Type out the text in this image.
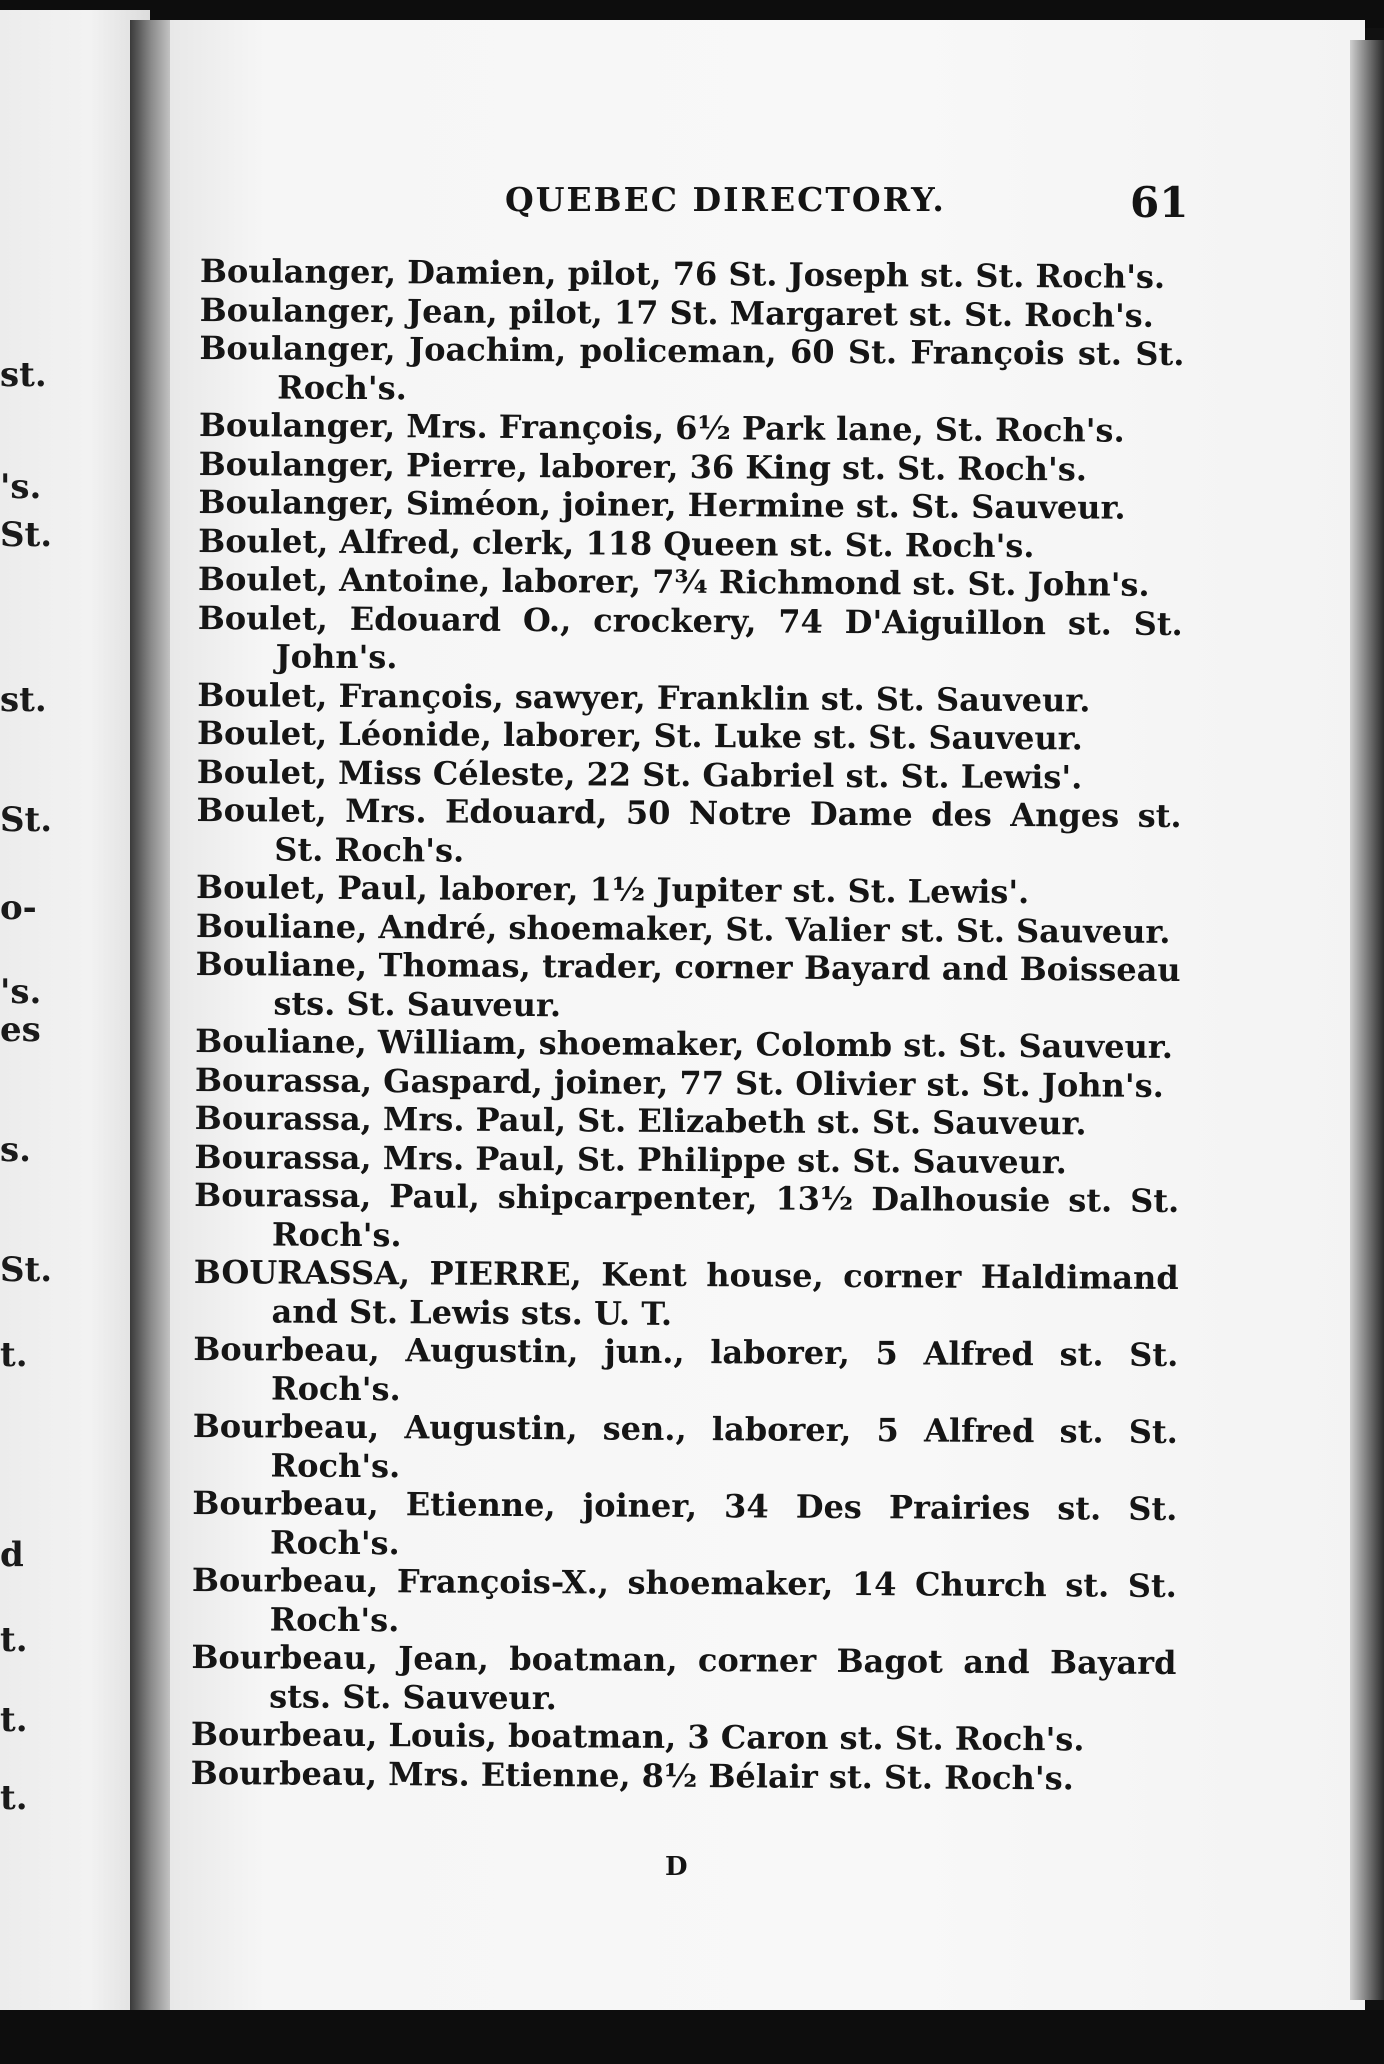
st.
's.
St.
st.
St.
o-
's.
es
s.
St.
t.
d
t.
t.
t.
QUEBEC DIRECTORY.	61
Boulanger, Damien, pilot, 76 St. Joseph st. St. Roch's.
Boulanger, Jean, pilot, 17 St. Margaret st. St. Roch's.
Boulanger, Joachim, policeman, 60 St. François st. St. Roch's.
Boulanger, Mrs. François, 6½ Park lane, St. Roch's.
Boulanger, Pierre, laborer, 36 King st. St. Roch's.
Boulanger, Siméon, joiner, Hermine st. St. Sauveur.
Boulet, Alfred, clerk, 118 Queen st. St. Roch's.
Boulet, Antoine, laborer, 7¾ Richmond st. St. John's.
Boulet, Edouard O., crockery, 74 D'Aiguillon st. St. John's.
Boulet, François, sawyer, Franklin st. St. Sauveur.
Boulet, Léonide, laborer, St. Luke st. St. Sauveur.
Boulet, Miss Céleste, 22 St. Gabriel st. St. Lewis'.
Boulet, Mrs. Edouard, 50 Notre Dame des Anges st. St. Roch's.
Boulet, Paul, laborer, 1½ Jupiter st. St. Lewis'.
Bouliane, André, shoemaker, St. Valier st. St. Sauveur.
Bouliane, Thomas, trader, corner Bayard and Boisseau sts. St. Sauveur.
Bouliane, William, shoemaker, Colomb st. St. Sauveur.
Bourassa, Gaspard, joiner, 77 St. Olivier st. St. John's.
Bourassa, Mrs. Paul, St. Elizabeth st. St. Sauveur.
Bourassa, Mrs. Paul, St. Philippe st. St. Sauveur.
Bourassa, Paul, shipcarpenter, 13½ Dalhousie st. St. Roch's.
BOURASSA, PIERRE, Kent house, corner Haldimand and St. Lewis sts. U. T.
Bourbeau, Augustin, jun., laborer, 5 Alfred st. St. Roch's.
Bourbeau, Augustin, sen., laborer, 5 Alfred st. St. Roch's.
Bourbeau, Etienne, joiner, 34 Des Prairies st. St. Roch's.
Bourbeau, François-X., shoemaker, 14 Church st. St. Roch's.
Bourbeau, Jean, boatman, corner Bagot and Bayard sts. St. Sauveur.
Bourbeau, Louis, boatman, 3 Caron st. St. Roch's.
Bourbeau, Mrs. Etienne, 8½ Bélair st. St. Roch's.
D
